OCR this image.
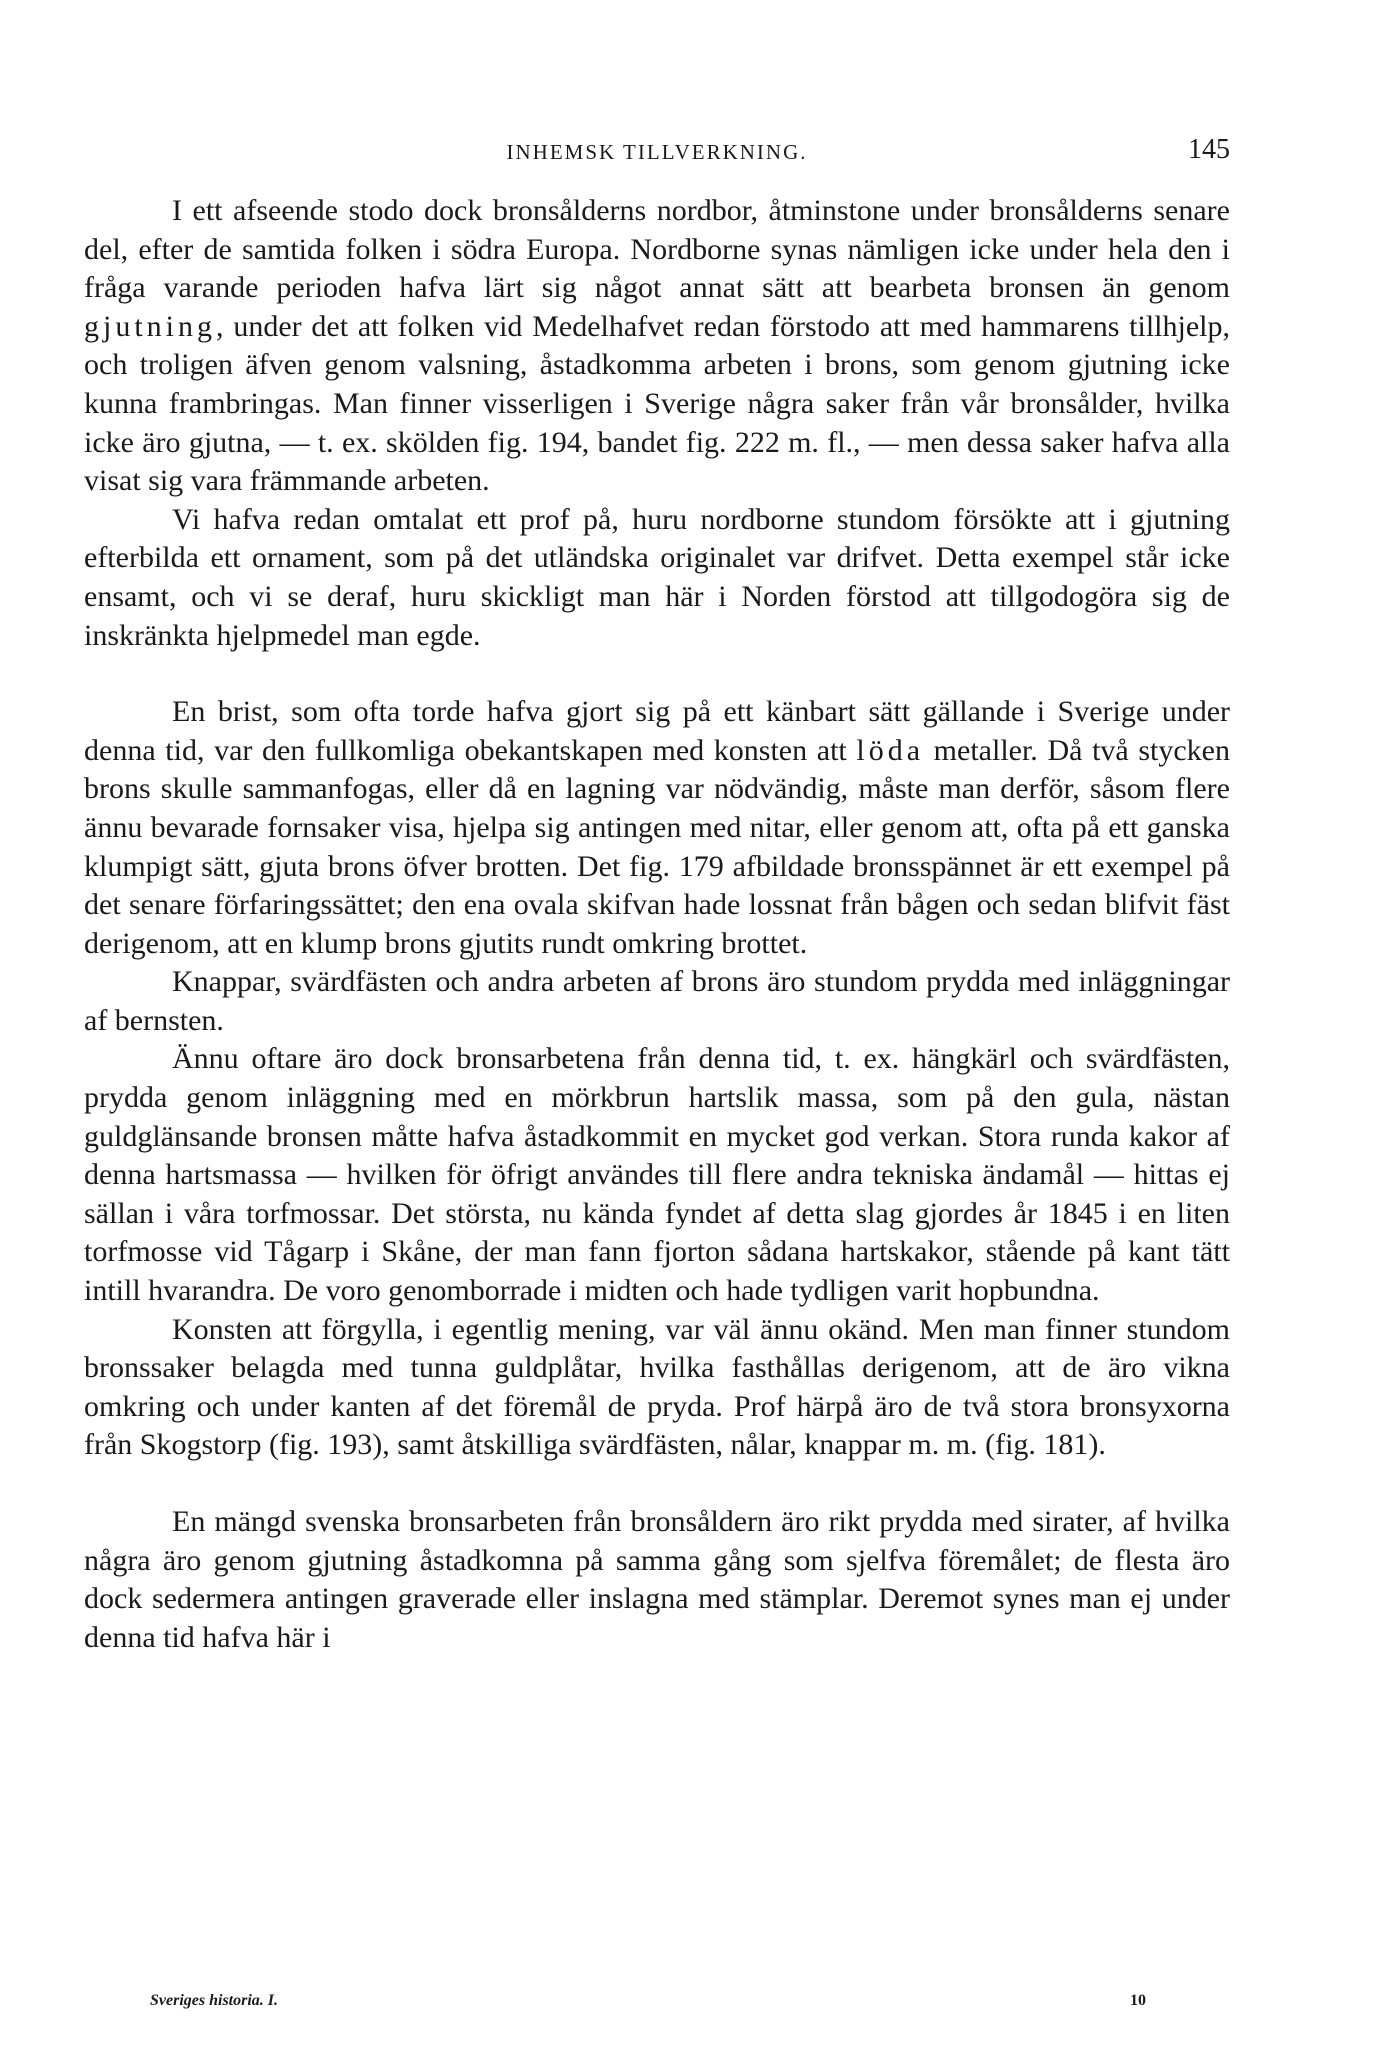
INHEMSK TILLVERKNING.	145

I ett afseende stodo dock bronsålderns nordbor, åtminstone under bronsålderns senare del, efter de samtida folken i södra Europa. Nordborne synas nämligen icke under hela den i fråga varande perioden hafva lärt sig något annat sätt att bearbeta bronsen än genom gjutning, under det att folken vid Medelhafvet redan förstodo att med hammarens tillhjelp, och troligen äfven genom valsning, åstadkomma arbeten i brons, som genom gjutning icke kunna frambringas. Man finner visserligen i Sverige några saker från vår bronsålder, hvilka icke äro gjutna, — t. ex. skölden fig. 194, bandet fig. 222 m. fl., — men dessa saker hafva alla visat sig vara främmande arbeten.

Vi hafva redan omtalat ett prof på, huru nordborne stundom försökte att i gjutning efterbilda ett ornament, som på det utländska originalet var drifvet. Detta exempel står icke ensamt, och vi se deraf, huru skickligt man här i Norden förstod att tillgodogöra sig de inskränkta hjelpmedel man egde.

En brist, som ofta torde hafva gjort sig på ett känbart sätt gällande i Sverige under denna tid, var den fullkomliga obekantskapen med konsten att löda metaller. Då två stycken brons skulle sammanfogas, eller då en lagning var nödvändig, måste man derför, såsom flere ännu bevarade fornsaker visa, hjelpa sig antingen med nitar, eller genom att, ofta på ett ganska klumpigt sätt, gjuta brons öfver brotten. Det fig. 179 afbildade bronsspännet är ett exempel på det senare förfaringssättet; den ena ovala skifvan hade lossnat från bågen och sedan blifvit fäst derigenom, att en klump brons gjutits rundt omkring brottet.

Knappar, svärdfästen och andra arbeten af brons äro stundom prydda med inläggningar af bernsten.

Ännu oftare äro dock bronsarbetena från denna tid, t. ex. hängkärl och svärdfästen, prydda genom inläggning med en mörkbrun hartslik massa, som på den gula, nästan guldglänsande bronsen måtte hafva åstadkommit en mycket god verkan. Stora runda kakor af denna hartsmassa — hvilken för öfrigt användes till flere andra tekniska ändamål — hittas ej sällan i våra torfmossar. Det största, nu kända fyndet af detta slag gjordes år 1845 i en liten torfmosse vid Tågarp i Skåne, der man fann fjorton sådana hartskakor, stående på kant tätt intill hvarandra. De voro genomborrade i midten och hade tydligen varit hopbundna.

Konsten att förgylla, i egentlig mening, var väl ännu okänd. Men man finner stundom bronssaker belagda med tunna guldplåtar, hvilka fasthållas derigenom, att de äro vikna omkring och under kanten af det föremål de pryda. Prof härpå äro de två stora bronsyxorna från Skogstorp (fig. 193), samt åtskilliga svärdfästen, nålar, knappar m. m. (fig. 181).

En mängd svenska bronsarbeten från bronsåldern äro rikt prydda med sirater, af hvilka några äro genom gjutning åstadkomna på samma gång som sjelfva föremålet; de flesta äro dock sedermera antingen graverade eller inslagna med stämplar. Deremot synes man ej under denna tid hafva här i

Sveriges historia. I.	10
